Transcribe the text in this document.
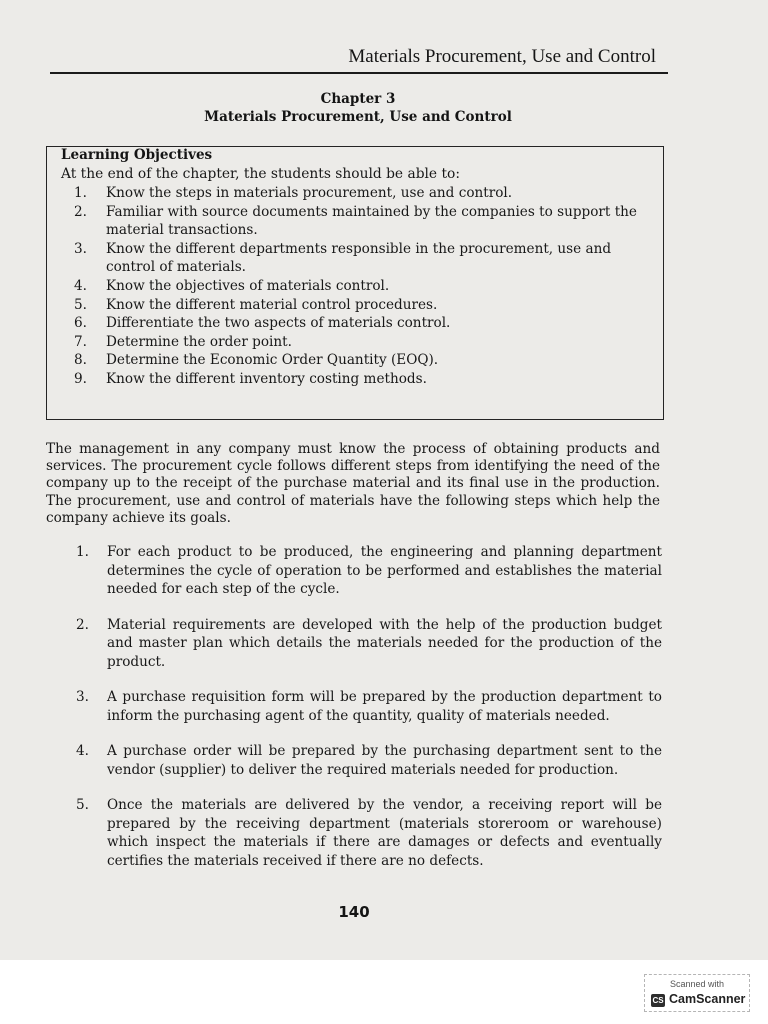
Materials Procurement, Use and Control
Chapter 3
Materials Procurement, Use and Control
Learning Objectives
At the end of the chapter, the students should be able to:
1. Know the steps in materials procurement, use and control.
2. Familiar with source documents maintained by the companies to support the material transactions.
3. Know the different departments responsible in the procurement, use and control of materials.
4. Know the objectives of materials control.
5. Know the different material control procedures.
6. Differentiate the two aspects of materials control.
7. Determine the order point.
8. Determine the Economic Order Quantity (EOQ).
9. Know the different inventory costing methods.

The management in any company must know the process of obtaining products and services. The procurement cycle follows different steps from identifying the need of the company up to the receipt of the purchase material and its final use in the production. The procurement, use and control of materials have the following steps which help the company achieve its goals.

1. For each product to be produced, the engineering and planning department determines the cycle of operation to be performed and establishes the material needed for each step of the cycle.
2. Material requirements are developed with the help of the production budget and master plan which details the materials needed for the production of the product.
3. A purchase requisition form will be prepared by the production department to inform the purchasing agent of the quantity, quality of materials needed.
4. A purchase order will be prepared by the purchasing department sent to the vendor (supplier) to deliver the required materials needed for production.
5. Once the materials are delivered by the vendor, a receiving report will be prepared by the receiving department (materials storeroom or warehouse) which inspect the materials if there are damages or defects and eventually certifies the materials received if there are no defects.
140
Scanned with
CS CamScanner
